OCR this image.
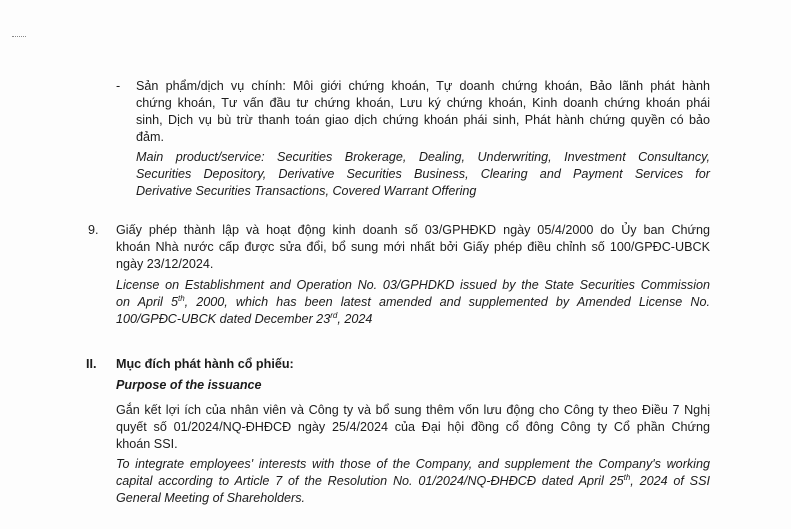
- Sản phẩm/dịch vụ chính: Môi giới chứng khoán, Tự doanh chứng khoán, Bảo lãnh phát hành
chứng khoán, Tư vấn đầu tư chứng khoán, Lưu ký chứng khoán, Kinh doanh chứng khoán phái
sinh, Dịch vụ bù trừ thanh toán giao dịch chứng khoán phái sinh, Phát hành chứng quyền có bảo
đảm.
Main product/service: Securities Brokerage, Dealing, Underwriting, Investment Consultancy,
Securities Depository, Derivative Securities Business, Clearing and Payment Services for
Derivative Securities Transactions, Covered Warrant Offering
9. Giấy phép thành lập và hoạt động kinh doanh số 03/GPHĐKD ngày 05/4/2000 do Ủy ban Chứng
khoán Nhà nước cấp được sửa đổi, bổ sung mới nhất bởi Giấy phép điều chỉnh số 100/GPĐC-UBCK
ngày 23/12/2024.
License on Establishment and Operation No. 03/GPHDKD issued by the State Securities Commission
on April 5th, 2000, which has been latest amended and supplemented by Amended License No.
100/GPĐC-UBCK dated December 23rd, 2024
II. Mục đích phát hành cổ phiếu:
Purpose of the issuance
Gắn kết lợi ích của nhân viên và Công ty và bổ sung thêm vốn lưu động cho Công ty theo Điều 7 Nghị
quyết số 01/2024/NQ-ĐHĐCĐ ngày 25/4/2024 của Đại hội đồng cổ đông Công ty Cổ phần Chứng
khoán SSI.
To integrate employees' interests with those of the Company, and supplement the Company's working
capital according to Article 7 of the Resolution No. 01/2024/NQ-ĐHĐCĐ dated April 25th, 2024 of SSI
General Meeting of Shareholders.
